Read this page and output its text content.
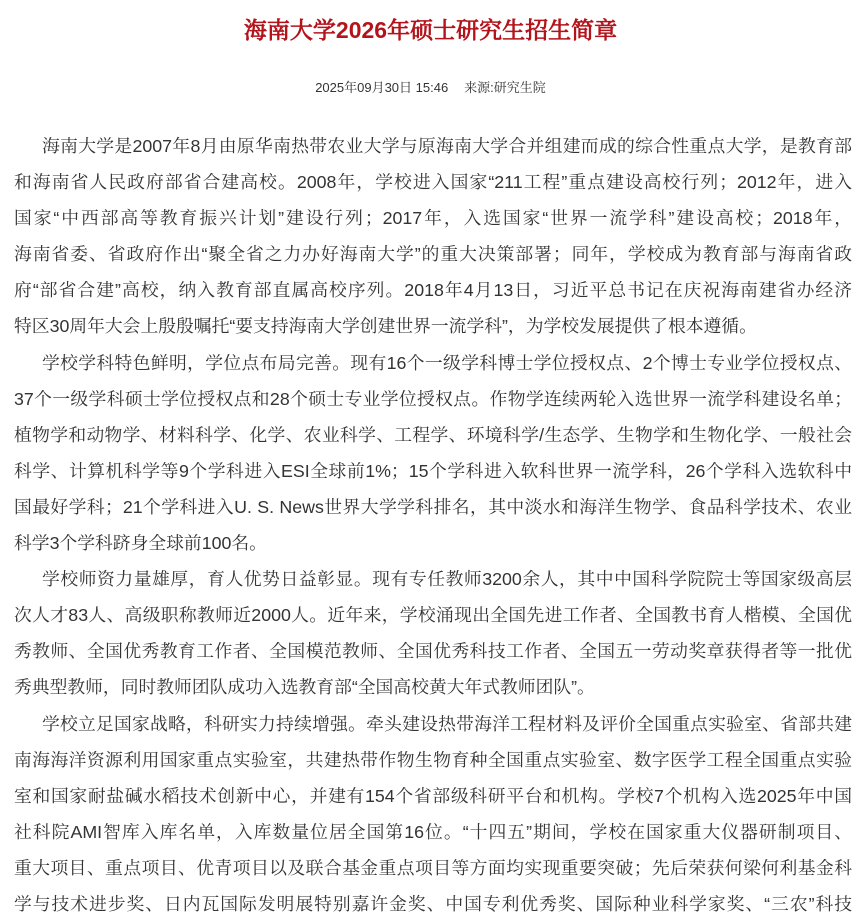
海南大学2026年硕士研究生招生简章
2025年09月30日 15:46 来源:研究生院
海南大学是2007年8月由原华南热带农业大学与原海南大学合并组建而成的综合性重点大学，是教育部
和海南省人民政府部省合建高校。2008年，学校进入国家“211工程”重点建设高校行列；2012年，进入
国家“中西部高等教育振兴计划”建设行列；2017年，入选国家“世界一流学科”建设高校；2018年，
海南省委、省政府作出“聚全省之力办好海南大学”的重大决策部署；同年，学校成为教育部与海南省政
府“部省合建”高校，纳入教育部直属高校序列。2018年4月13日，习近平总书记在庆祝海南建省办经济
特区30周年大会上殷殷嘱托“要支持海南大学创建世界一流学科”，为学校发展提供了根本遵循。
学校学科特色鲜明，学位点布局完善。现有16个一级学科博士学位授权点、2个博士专业学位授权点、
37个一级学科硕士学位授权点和28个硕士专业学位授权点。作物学连续两轮入选世界一流学科建设名单；
植物学和动物学、材料科学、化学、农业科学、工程学、环境科学/生态学、生物学和生物化学、一般社会
科学、计算机科学等9个学科进入ESI全球前1%；15个学科进入软科世界一流学科，26个学科入选软科中
国最好学科；21个学科进入U. S. News世界大学学科排名，其中淡水和海洋生物学、食品科学技术、农业
科学3个学科跻身全球前100名。
学校师资力量雄厚，育人优势日益彰显。现有专任教师3200余人，其中中国科学院院士等国家级高层
次人才83人、高级职称教师近2000人。近年来，学校涌现出全国先进工作者、全国教书育人楷模、全国优
秀教师、全国优秀教育工作者、全国模范教师、全国优秀科技工作者、全国五一劳动奖章获得者等一批优
秀典型教师，同时教师团队成功入选教育部“全国高校黄大年式教师团队”。
学校立足国家战略，科研实力持续增强。牵头建设热带海洋工程材料及评价全国重点实验室、省部共建
南海海洋资源利用国家重点实验室，共建热带作物生物育种全国重点实验室、数字医学工程全国重点实验
室和国家耐盐碱水稻技术创新中心，并建有154个省部级科研平台和机构。学校7个机构入选2025年中国
社科院AMI智库入库名单，入库数量位居全国第16位。“十四五”期间，学校在国家重大仪器研制项目、
重大项目、重点项目、优青项目以及联合基金重点项目等方面均实现重要突破；先后荣获何梁何利基金科
学与技术进步奖、日内瓦国际发明展特别嘉许金奖、中国专利优秀奖、国际种业科学家奖、“三农”科技
